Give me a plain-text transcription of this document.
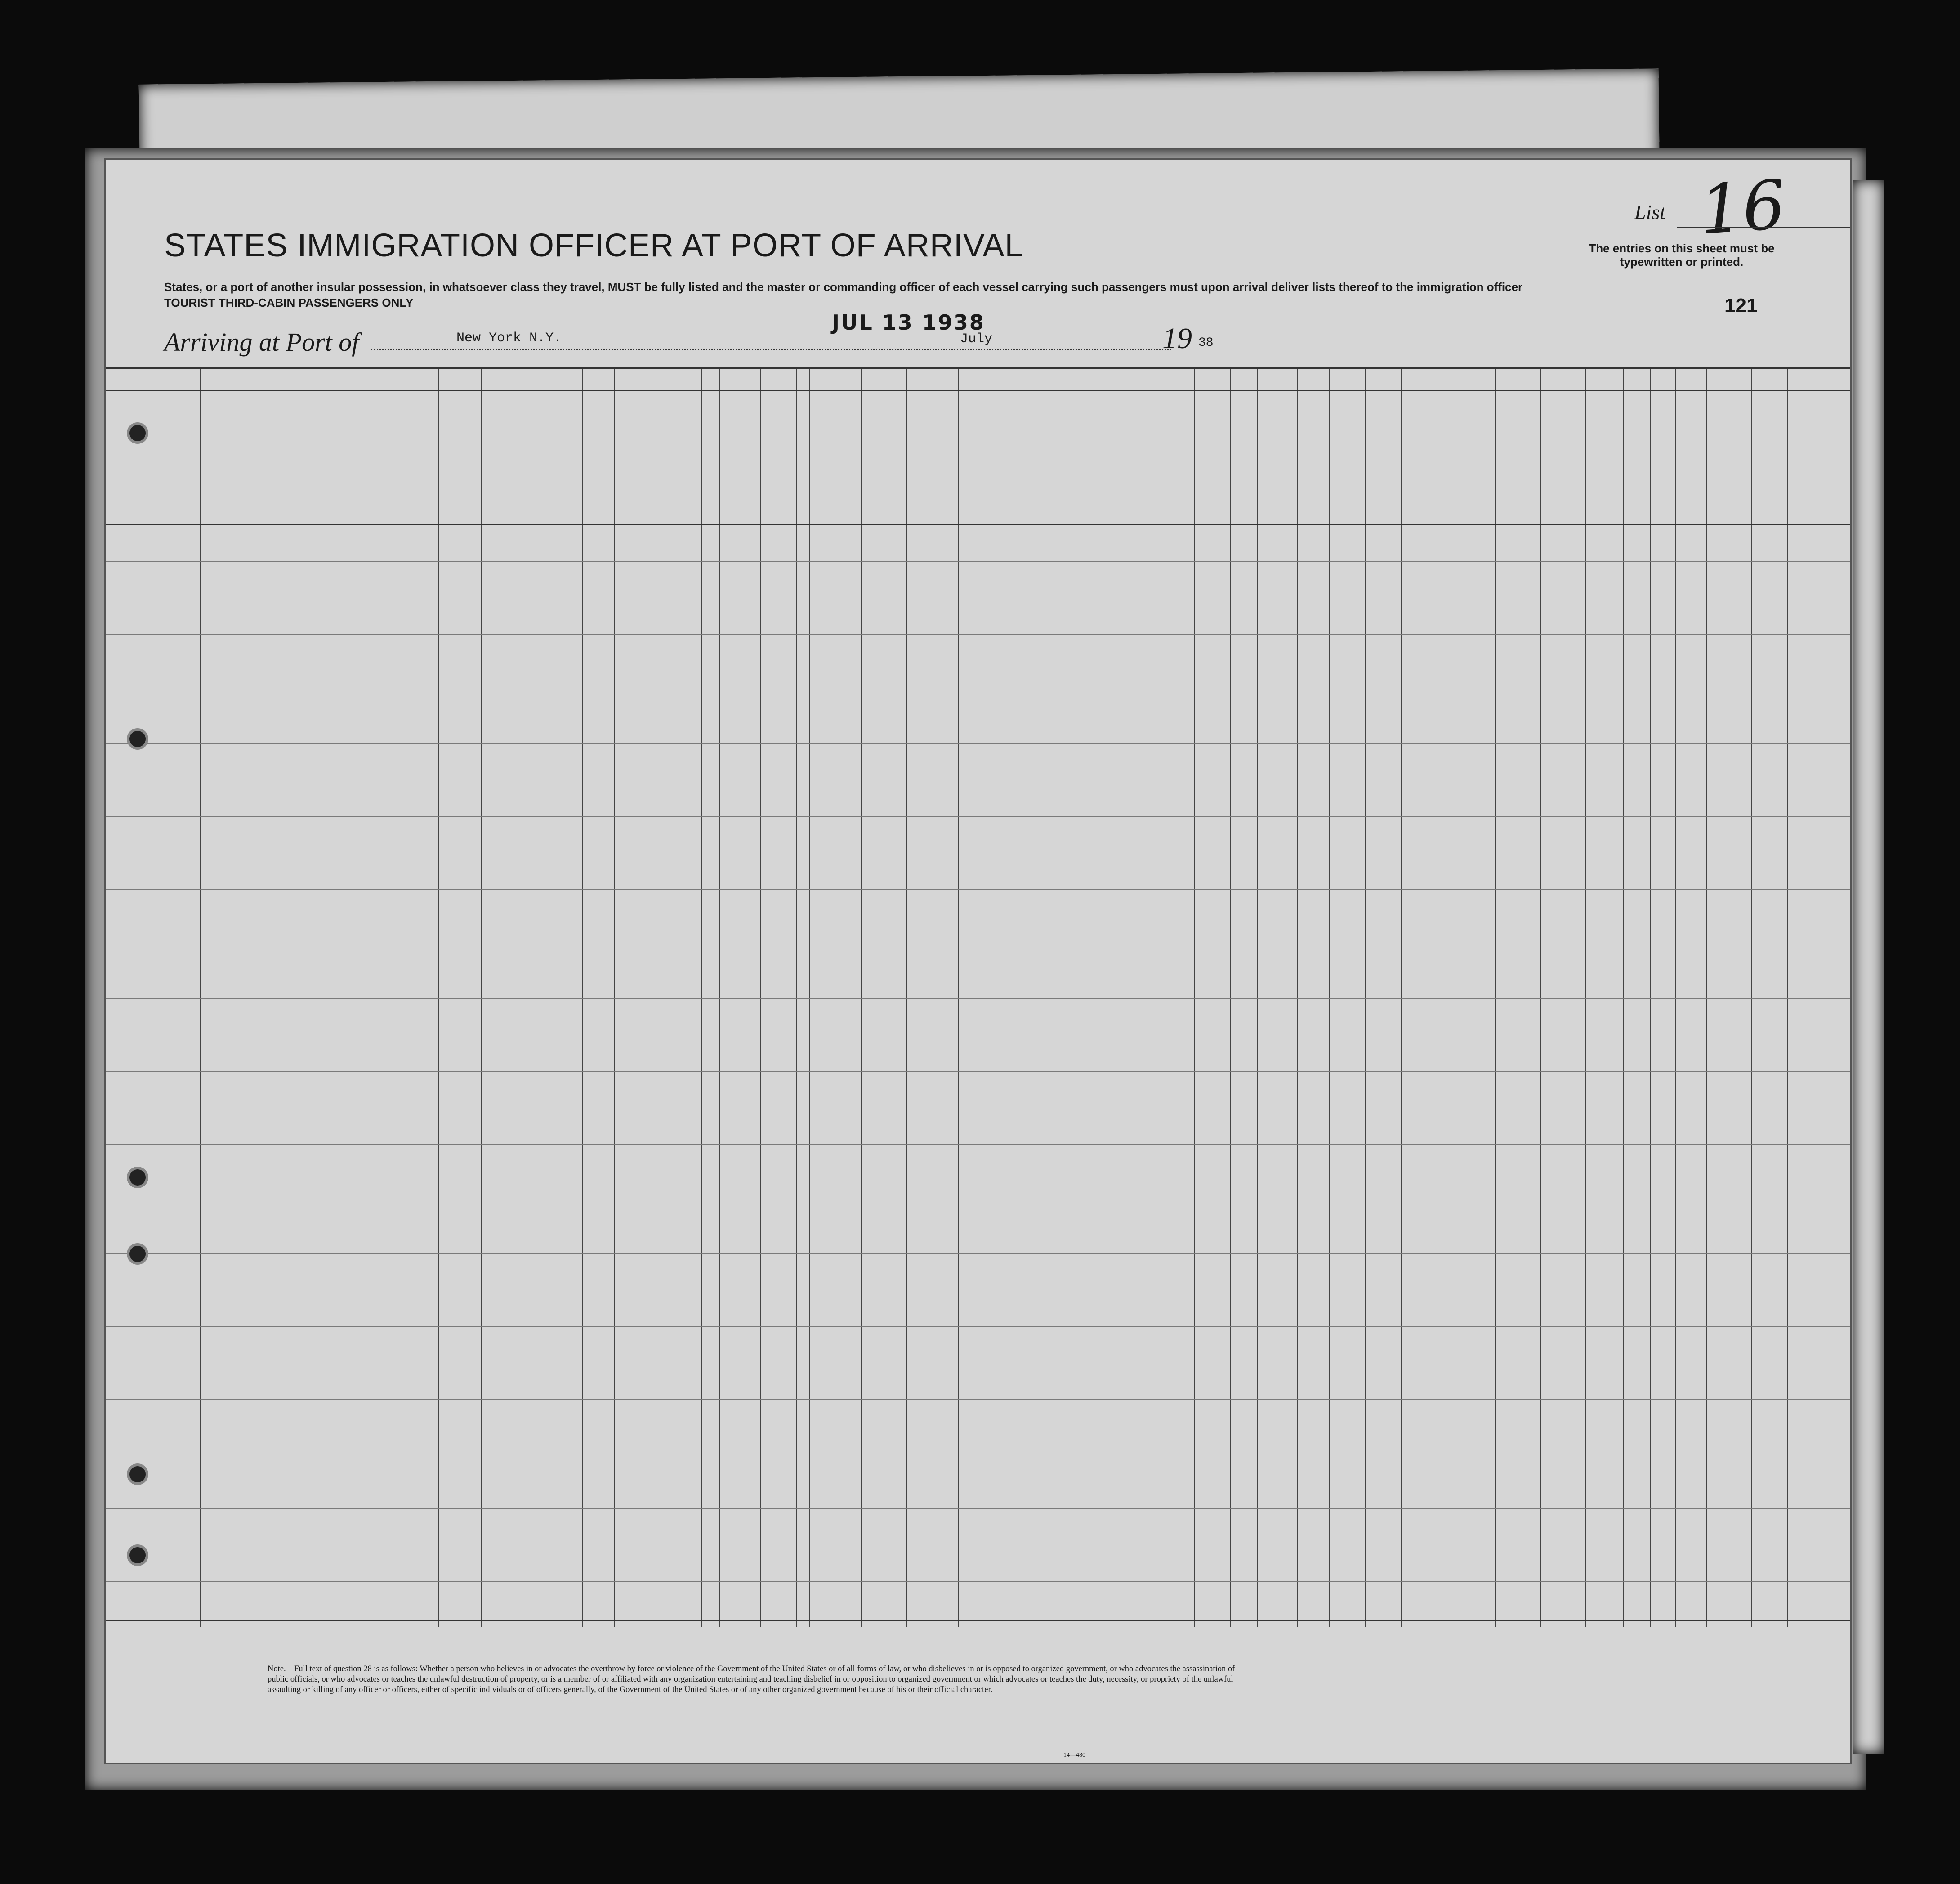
STATES IMMIGRATION OFFICER AT PORT OF ARRIVAL
States, or a port of another insular possession, in whatsoever class they travel, MUST be fully listed and the master or commanding officer of each vessel carrying such passengers must upon arrival deliver lists thereof to the immigration officer
TOURIST THIRD-CABIN PASSENGERS ONLY
List 16
The entries on this sheet must be typewritten or printed.
121
Arriving at Port of	New York N.Y.
JUL 13 1938
July	19 38
Note.—Full text of question 28 is as follows: Whether a person who believes in or advocates the overthrow by force or violence of the Government of the United States or of all forms of law, or who disbelieves in or is opposed to organized government, or who advocates the assassination of public officials, or who advocates or teaches the unlawful destruction of property, or is a member of or affiliated with any organization entertaining and teaching disbelief in or opposition to organized government or which advocates or teaches the duty, necessity, or propriety of the unlawful assaulting or killing of any officer or officers, either of specific individuals or of officers generally, of the Government of the United States or of any other organized government because of his or their official character.
14—480
